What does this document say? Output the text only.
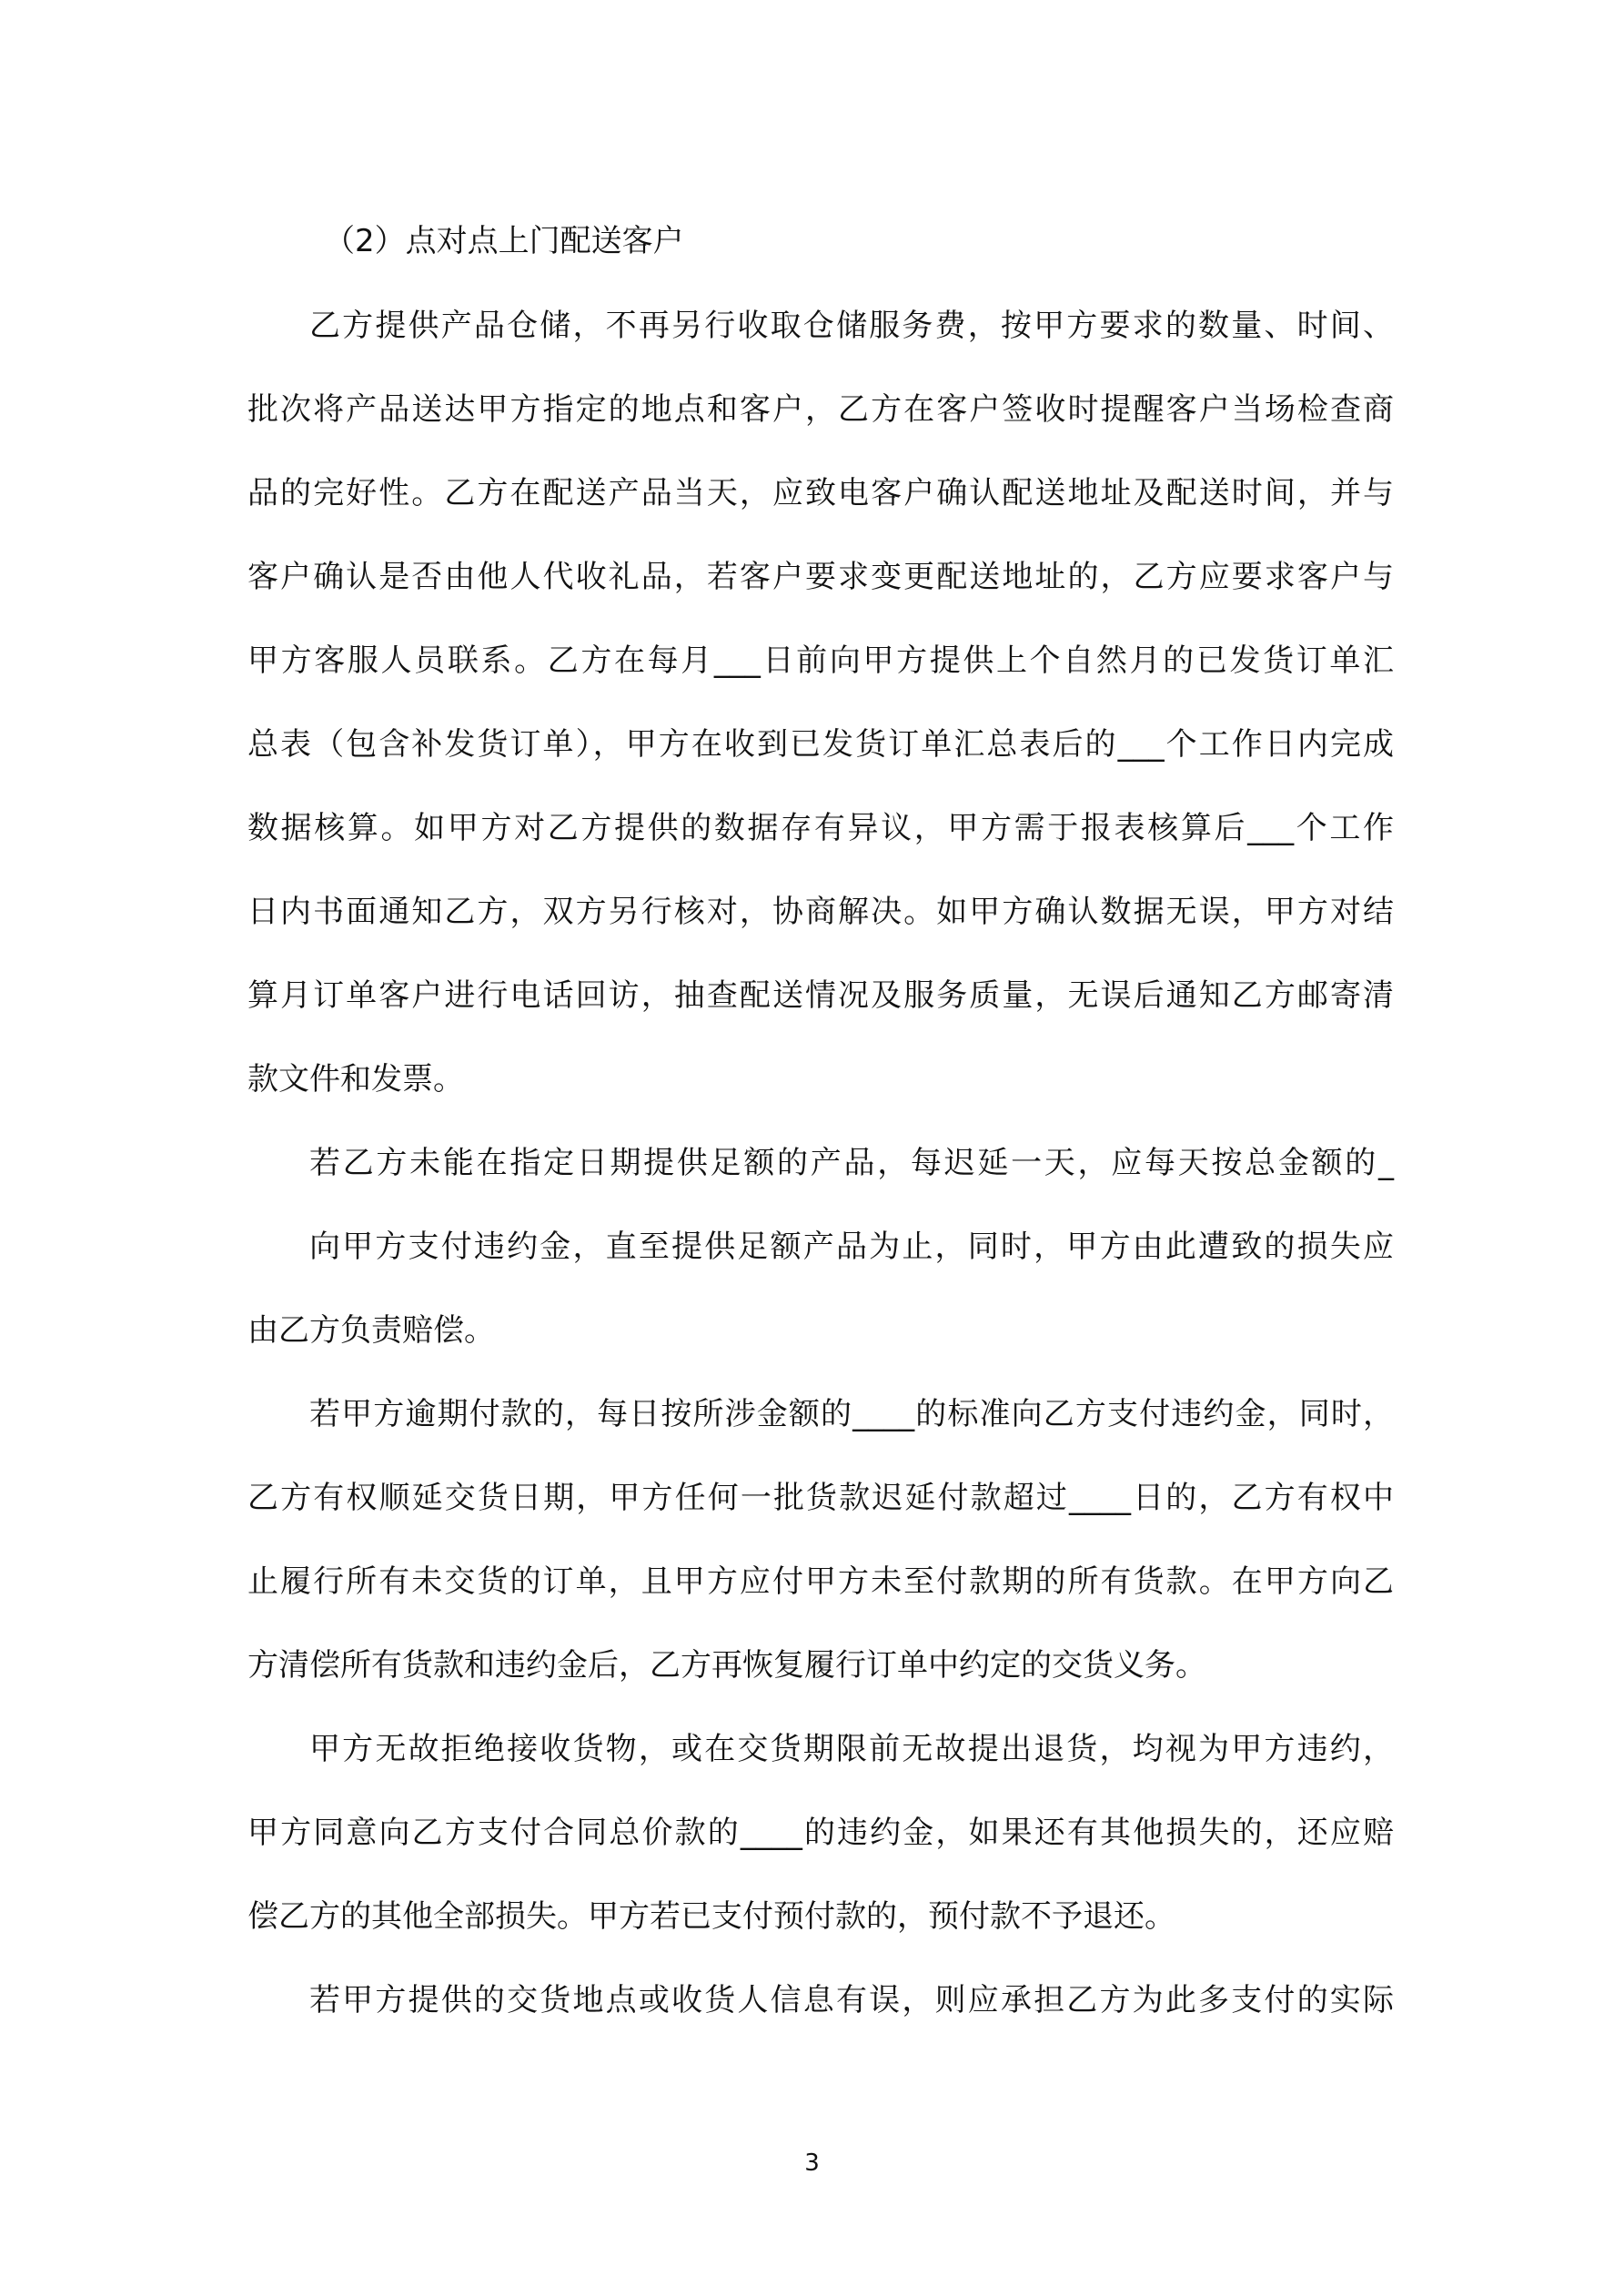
（2）点对点上门配送客户
乙方提供产品仓储，不再另行收取仓储服务费，按甲方要求的数量、时间、
批次将产品送达甲方指定的地点和客户，乙方在客户签收时提醒客户当场检查商
品的完好性。乙方在配送产品当天，应致电客户确认配送地址及配送时间，并与
客户确认是否由他人代收礼品，若客户要求变更配送地址的，乙方应要求客户与
甲方客服人员联系。乙方在每月___日前向甲方提供上个自然月的已发货订单汇
总表（包含补发货订单），甲方在收到已发货订单汇总表后的___个工作日内完成
数据核算。如甲方对乙方提供的数据存有异议，甲方需于报表核算后___个工作
日内书面通知乙方，双方另行核对，协商解决。如甲方确认数据无误，甲方对结
算月订单客户进行电话回访，抽查配送情况及服务质量，无误后通知乙方邮寄清
款文件和发票。
若乙方未能在指定日期提供足额的产品，每迟延一天，应每天按总金额的_
向甲方支付违约金，直至提供足额产品为止，同时，甲方由此遭致的损失应
由乙方负责赔偿。
若甲方逾期付款的，每日按所涉金额的____的标准向乙方支付违约金，同时，
乙方有权顺延交货日期，甲方任何一批货款迟延付款超过____日的，乙方有权中
止履行所有未交货的订单，且甲方应付甲方未至付款期的所有货款。在甲方向乙
方清偿所有货款和违约金后，乙方再恢复履行订单中约定的交货义务。
甲方无故拒绝接收货物，或在交货期限前无故提出退货，均视为甲方违约，
甲方同意向乙方支付合同总价款的____的违约金，如果还有其他损失的，还应赔
偿乙方的其他全部损失。甲方若已支付预付款的，预付款不予退还。
若甲方提供的交货地点或收货人信息有误，则应承担乙方为此多支付的实际
3
